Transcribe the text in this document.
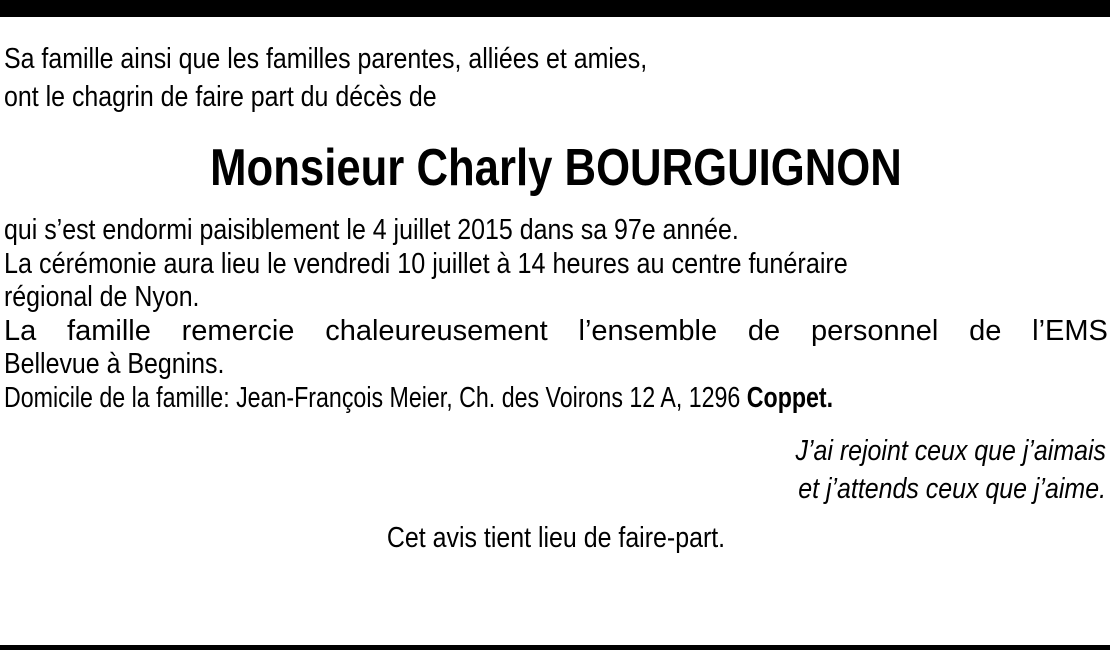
Sa famille ainsi que les familles parentes, alliées et amies,

ont le chagrin de faire part du décès de

Monsieur Charly BOURGUIGNON

qui s’est endormi paisiblement le 4 juillet 2015 dans sa 97e année.

La cérémonie aura lieu le vendredi 10 juillet à 14 heures au centre funéraire

régional de Nyon.

La famille remercie chaleureusement l’ensemble de personnel de l’EMS

Bellevue à Begnins.

Domicile de la famille: Jean-François Meier, Ch. des Voirons 12 A, 1296 Coppet.

J’ai rejoint ceux que j’aimais

et j’attends ceux que j’aime.

Cet avis tient lieu de faire-part.
